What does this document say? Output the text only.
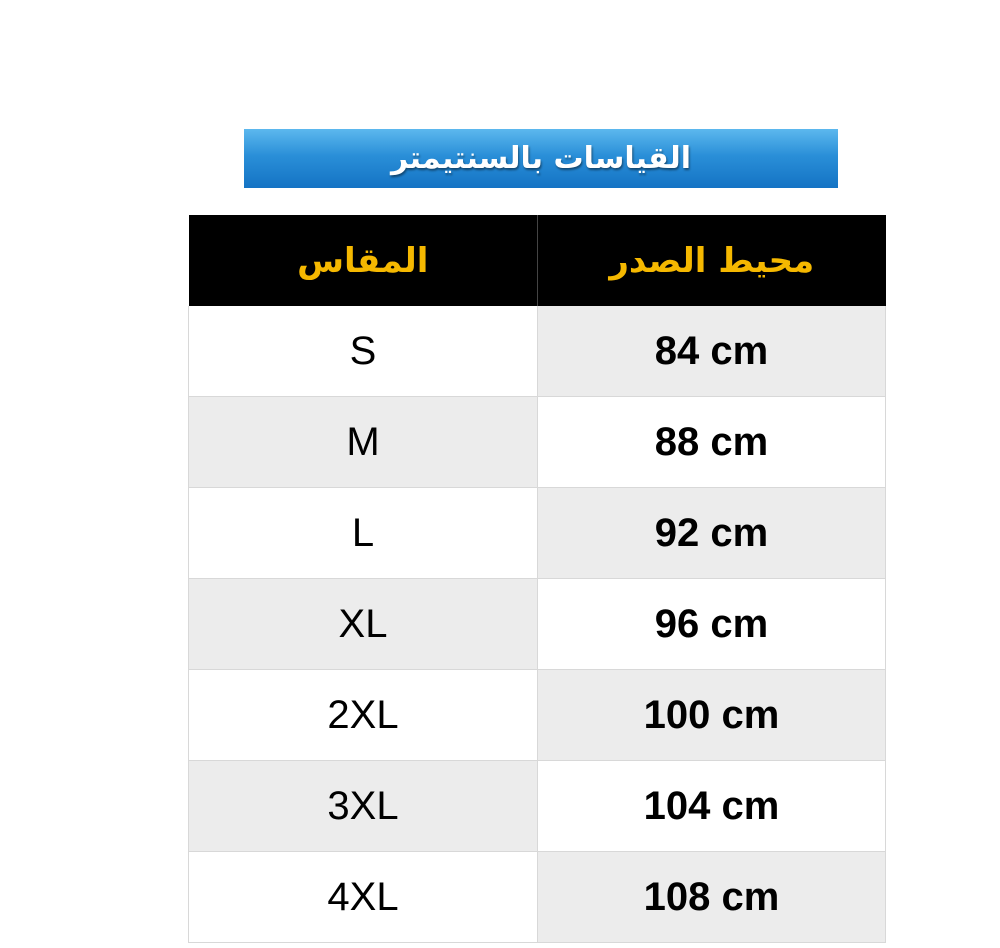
القياسات بالسنتيمتر
المقاس	محيط الصدر
S	84 cm
M	88 cm
L	92 cm
XL	96 cm
2XL	100 cm
3XL	104 cm
4XL	108 cm
